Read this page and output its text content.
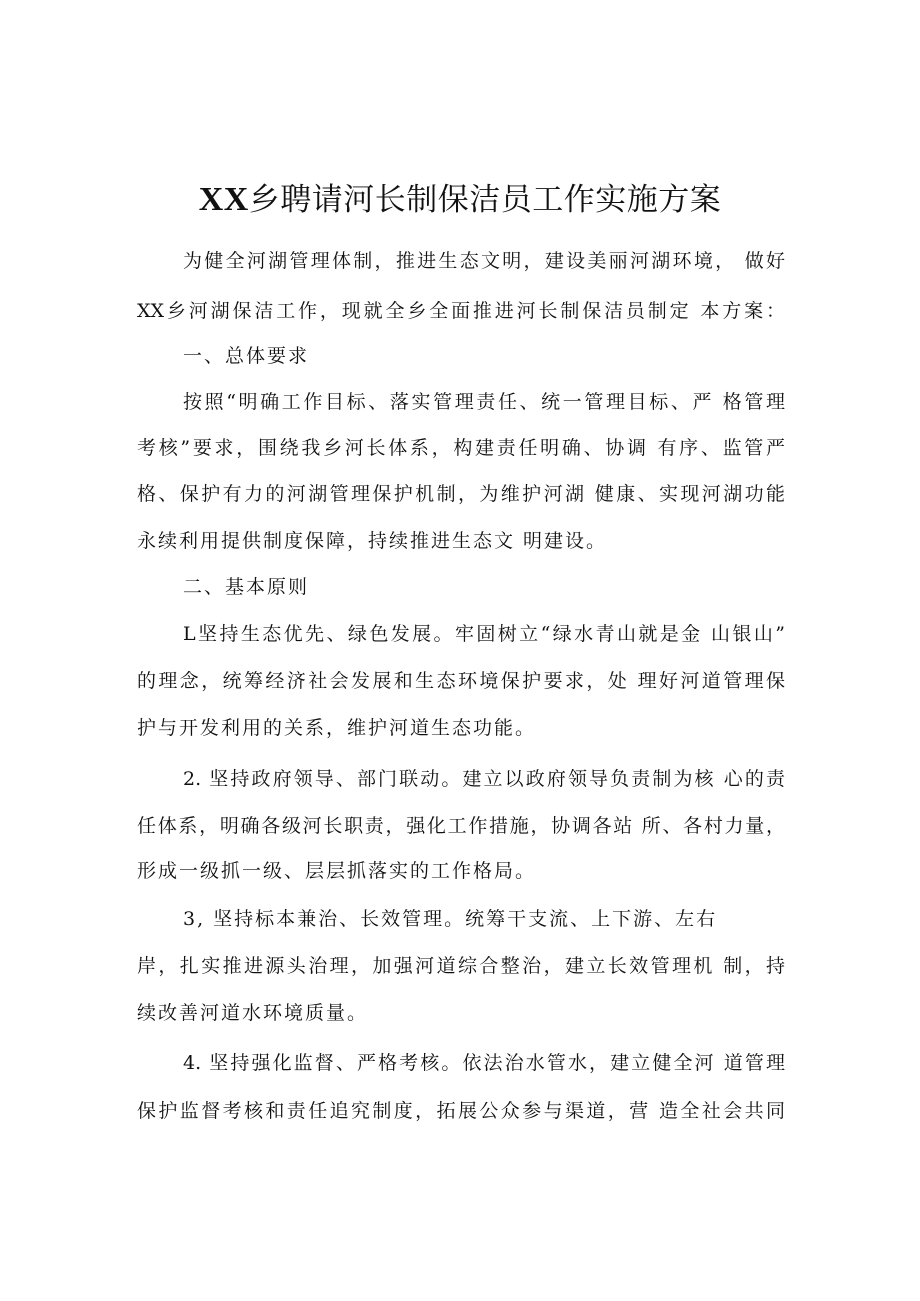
XX乡聘请河长制保洁员工作实施方案
为健全河湖管理体制，推进生态文明，建设美丽河湖环境， 做好
XX乡河湖保洁工作，现就全乡全面推进河长制保洁员制定 本方案：
一、总体要求
按照“明确工作目标、落实管理责任、统一管理目标、严 格管理
考核”要求，围绕我乡河长体系，构建责任明确、协调 有序、监管严
格、保护有力的河湖管理保护机制，为维护河湖 健康、实现河湖功能
永续利用提供制度保障，持续推进生态文 明建设。
二、基本原则
L坚持生态优先、绿色发展。牢固树立“绿水青山就是金 山银山”
的理念，统筹经济社会发展和生态环境保护要求，处 理好河道管理保
护与开发利用的关系，维护河道生态功能。
2. 坚持政府领导、部门联动。建立以政府领导负责制为核 心的责
任体系，明确各级河长职责，强化工作措施，协调各站 所、各村力量，
形成一级抓一级、层层抓落实的工作格局。
3, 坚持标本兼治、长效管理。统筹干支流、上下游、左右
岸，扎实推进源头治理，加强河道综合整治，建立长效管理机 制，持
续改善河道水环境质量。
4. 坚持强化监督、严格考核。依法治水管水，建立健全河 道管理
保护监督考核和责任追究制度，拓展公众参与渠道，营 造全社会共同
